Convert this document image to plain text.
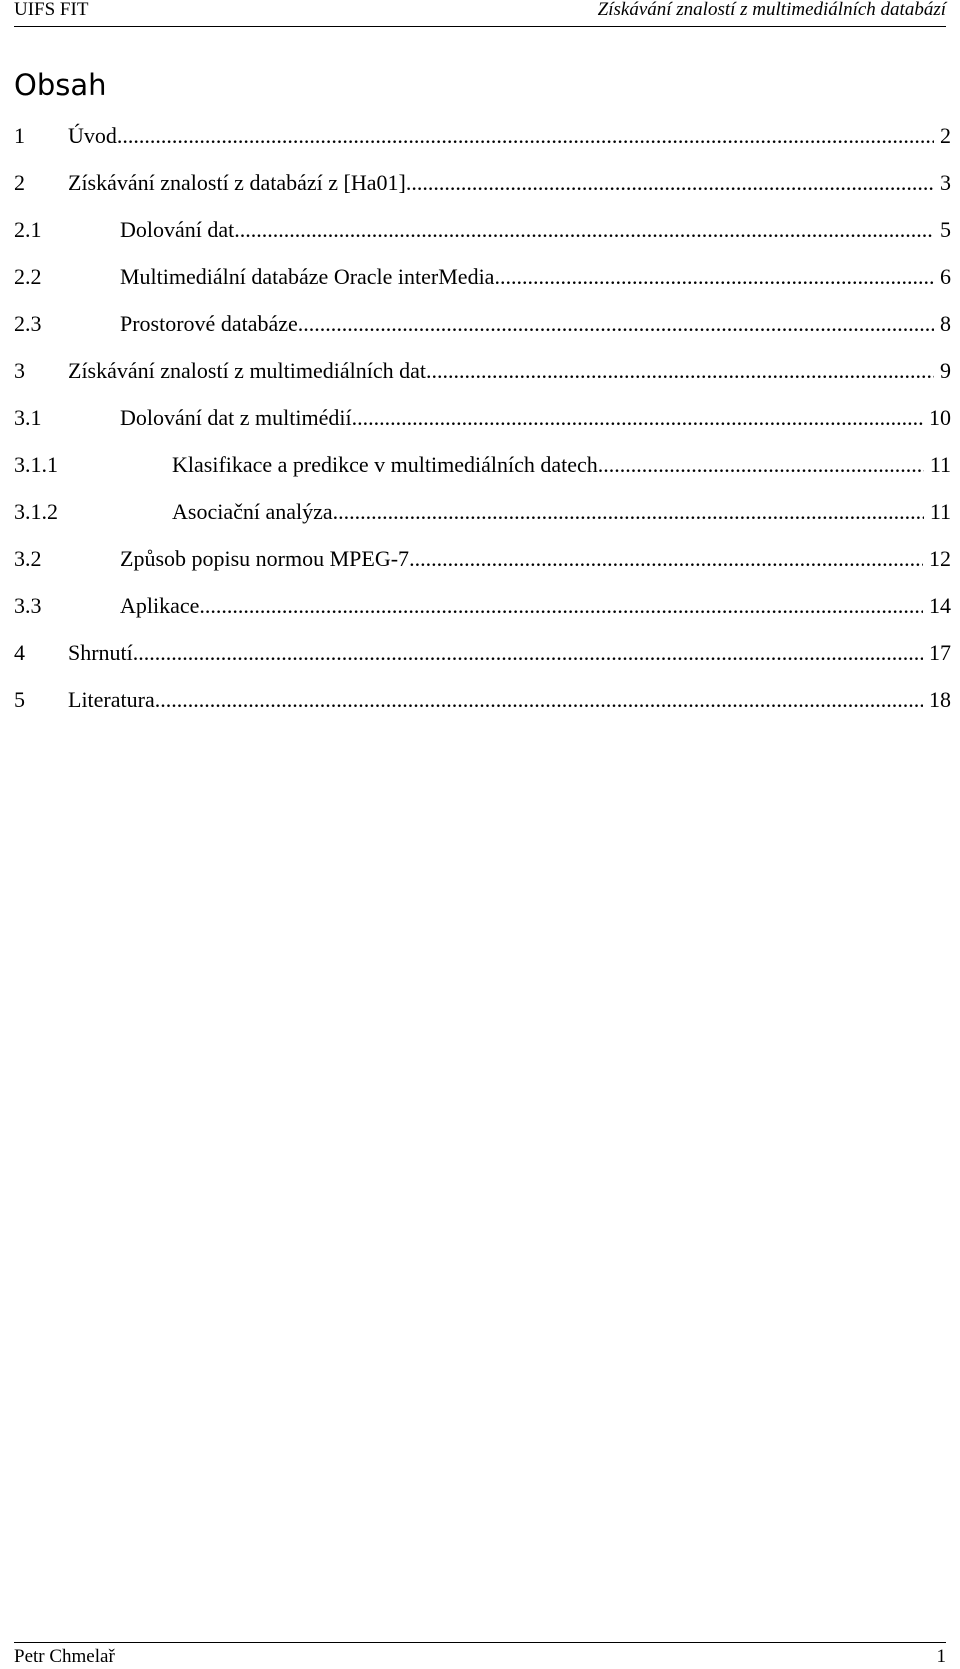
UIFS FIT	Získávání znalostí z multimediálních databází
Obsah
1	Úvod .....	2
2	Získávání znalostí z databází z [Ha01] .....	3
2.1	Dolování dat .....	5
2.2	Multimediální databáze Oracle interMedia .....	6
2.3	Prostorové databáze .....	8
3	Získávání znalostí z multimediálních dat .....	9
3.1	Dolování dat z multimédií .....	10
3.1.1	Klasifikace a predikce v multimediálních datech .....	11
3.1.2	Asociační analýza .....	11
3.2	Způsob popisu normou MPEG-7 .....	12
3.3	Aplikace .....	14
4	Shrnutí .....	17
5	Literatura .....	18
Petr Chmelař	1
